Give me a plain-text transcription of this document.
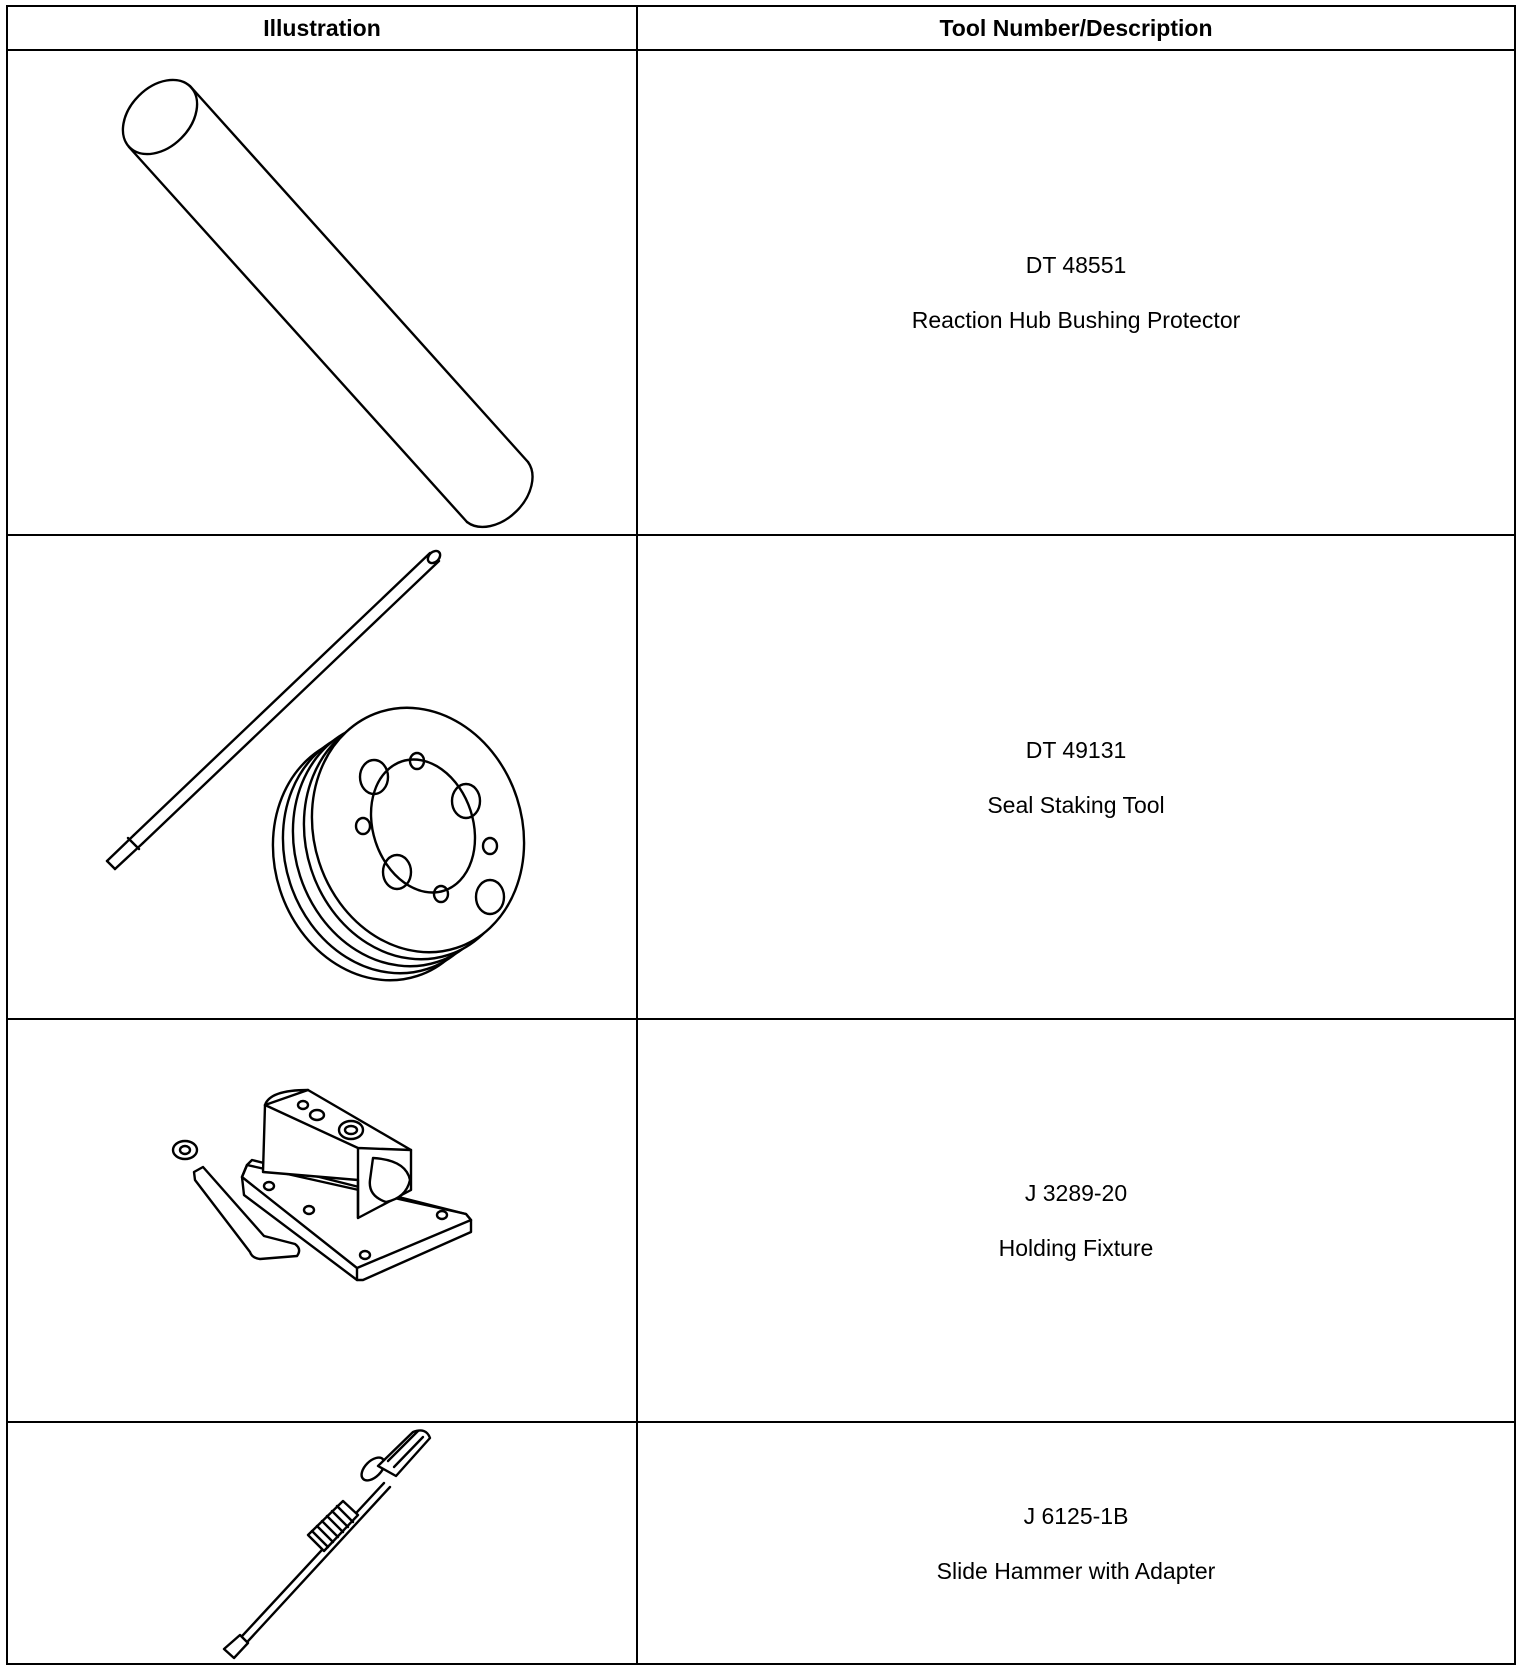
Illustration	Tool Number/Description

DT 48551
Reaction Hub Bushing Protector

DT 49131
Seal Staking Tool

J 3289-20
Holding Fixture

J 6125-1B
Slide Hammer with Adapter
